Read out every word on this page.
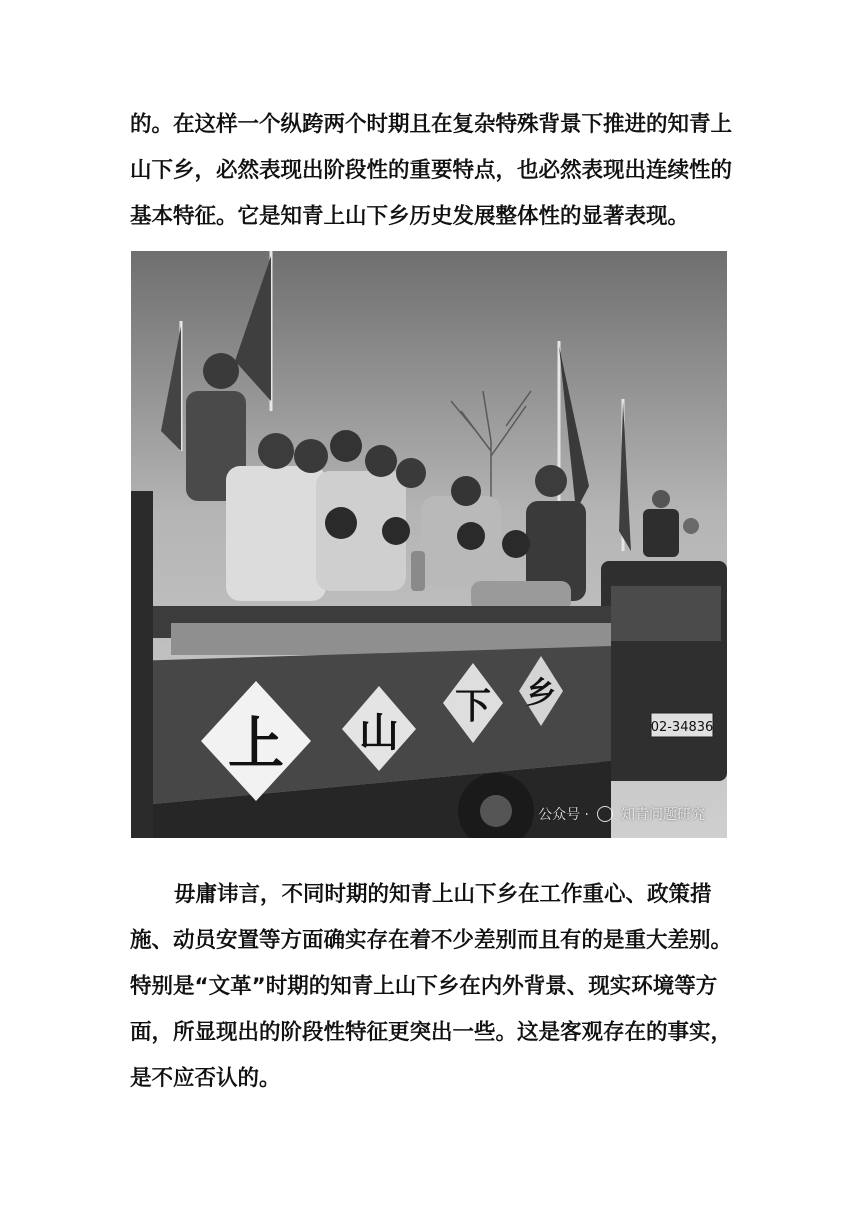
的。在这样一个纵跨两个时期且在复杂特殊背景下推进的知青上
山下乡，必然表现出阶段性的重要特点，也必然表现出连续性的
基本特征。它是知青上山下乡历史发展整体性的显著表现。

02-34836
上 山
下 乡
公众号 · 知青问题研究

毋庸讳言，不同时期的知青上山下乡在工作重心、政策措
施、动员安置等方面确实存在着不少差别而且有的是重大差别。
特别是“文革”时期的知青上山下乡在内外背景、现实环境等方
面，所显现出的阶段性特征更突出一些。这是客观存在的事实，
是不应否认的。
